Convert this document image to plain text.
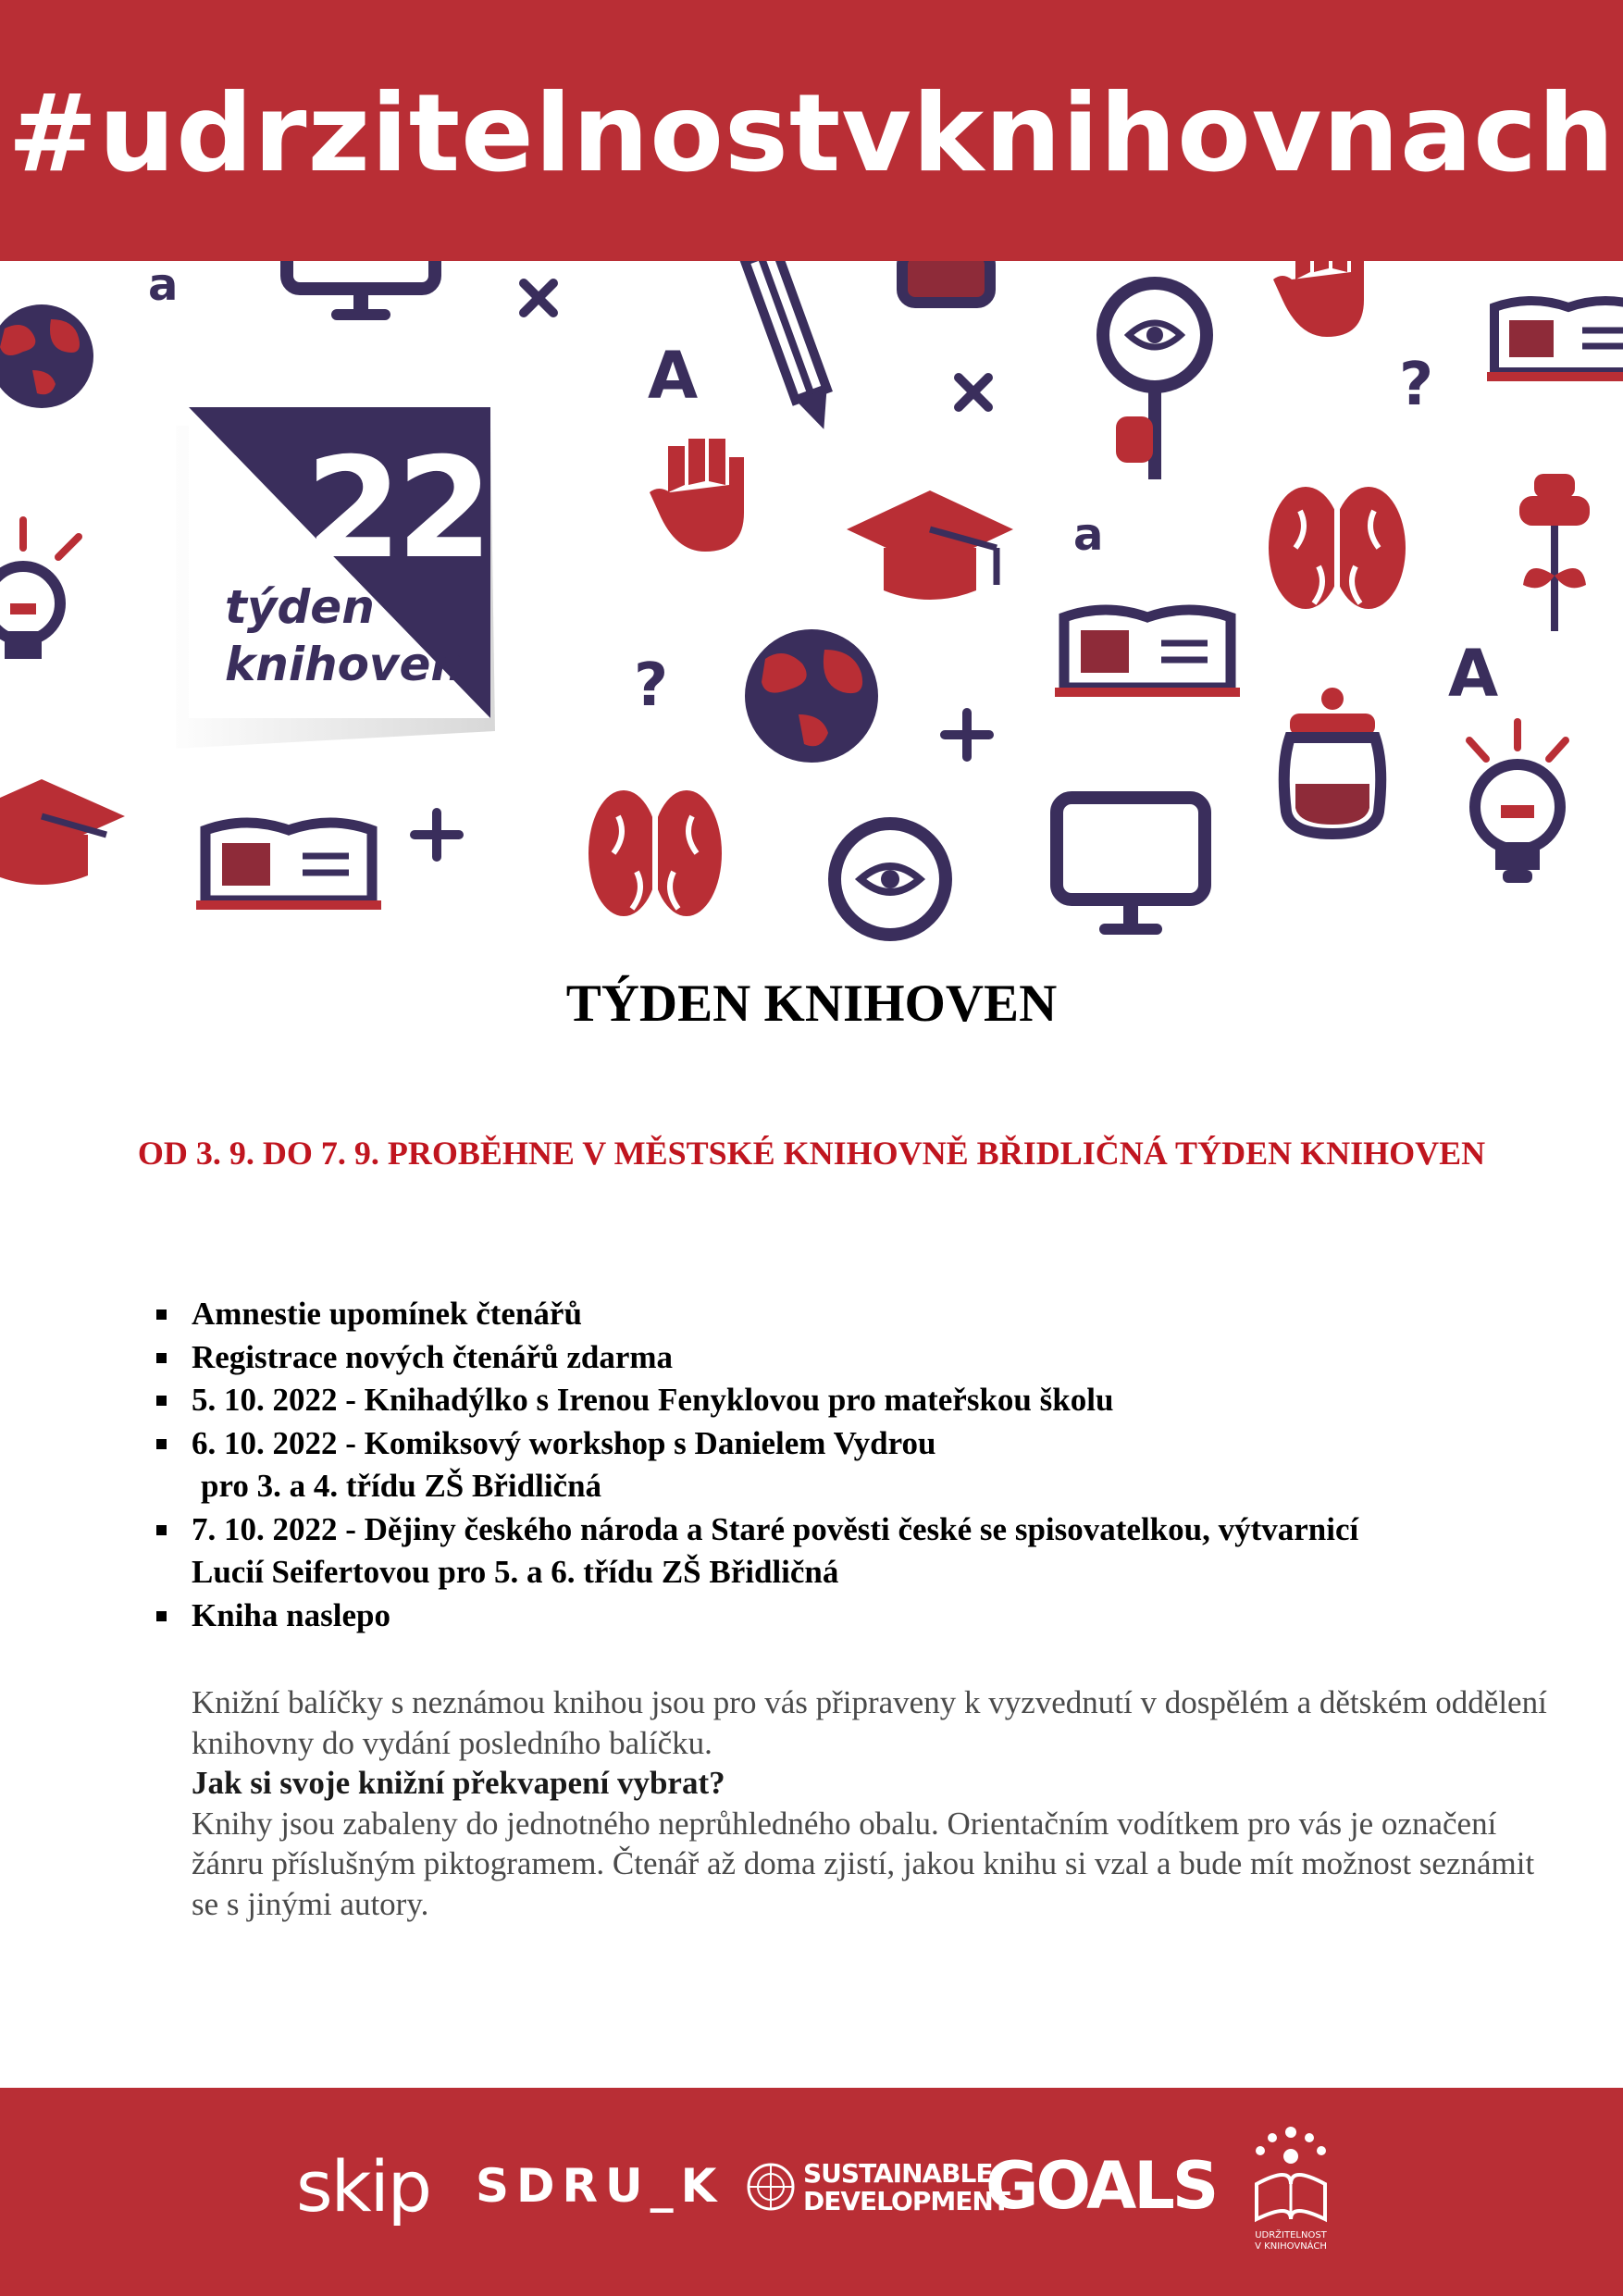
#udrzitelnostvknihovnach
a
A	?
a
?	A
22
týden
knihoven
TÝDEN KNIHOVEN
OD 3. 9. DO 7. 9. PROBĚHNE V MĚSTSKÉ KNIHOVNĚ BŘIDLIČNÁ TÝDEN KNIHOVEN
Amnestie upomínek čtenářů
Registrace nových čtenářů zdarma
5. 10. 2022 - Knihadýlko s Irenou Fenyklovou pro mateřskou školu
6. 10. 2022 - Komiksový workshop s Danielem Vydrou
pro 3. a 4. třídu ZŠ Břidličná
7. 10. 2022 - Dějiny českého národa a Staré pověsti české se spisovatelkou, výtvarnicí
Lucií Seifertovou pro 5. a 6. třídu ZŠ Břidličná
Kniha naslepo

Knižní balíčky s neznámou knihou jsou pro vás připraveny k vyzvednutí v dospělém a dětském oddělení knihovny do vydání posledního balíčku.

Jak si svoje knižní překvapení vybrat?

Knihy jsou zabaleny do jednotného neprůhledného obalu. Orientačním vodítkem pro vás je označení žánru příslušným piktogramem. Čtenář až doma zjistí, jakou knihu si vzal a bude mít možnost seznámit se s jinými autory.

skip SDRU_K	SUSTAINABLE
DEVELOPMENT
GOALS
UDRŽITELNOST
V KNIHOVNÁCH
